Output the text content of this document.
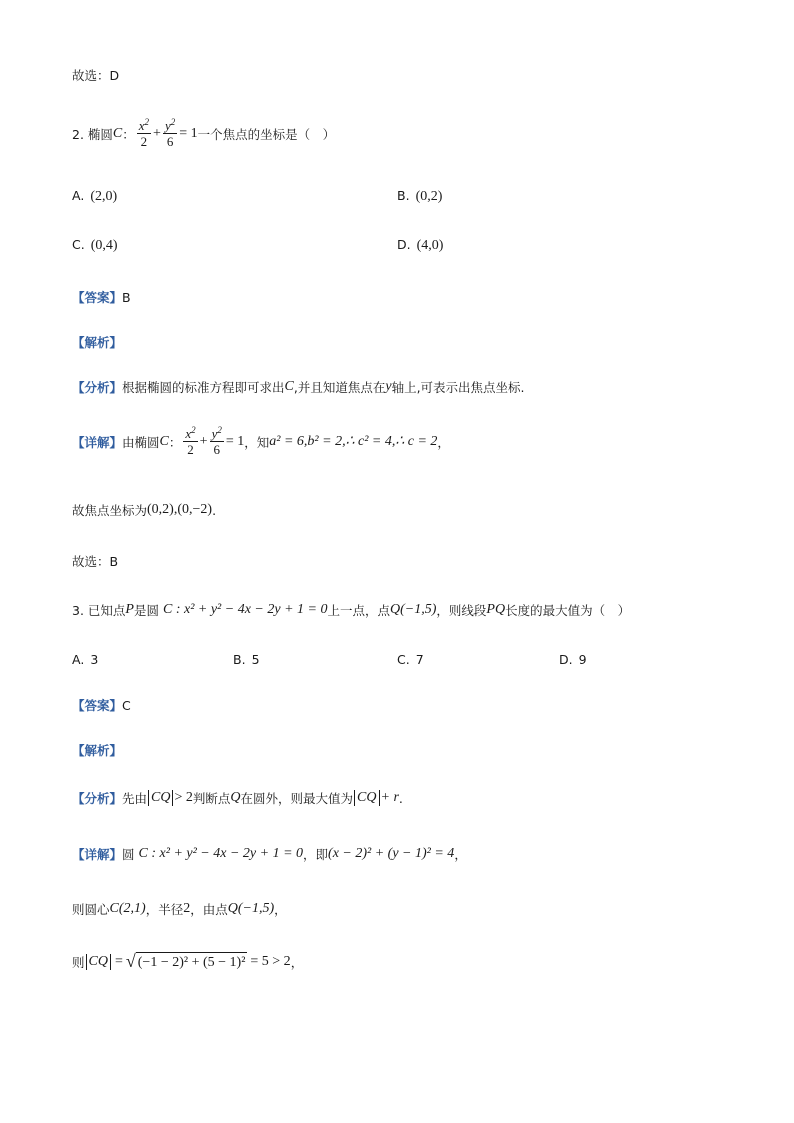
故选：D
2. 椭圆 C ： $\frac{x^2}{2} + \frac{y^2}{6} = 1$ 一个焦点的坐标是（　）
A. (2,0)	B. (0,2)
C. (0,4)	D. (4,0)
【答案】 B
【解析】
【分析】 根据椭圆的标准方程即可求出 C ,并且知道焦点在 y 轴上,可表示出焦点坐标.
【详解】 由椭圆 C ： $\frac{x^2}{2} + \frac{y^2}{6} = 1$ ，知 a² = 6,b² = 2,∴ c² = 4,∴ c = 2 ，
故焦点坐标为 (0,2),(0,−2) .
故选：B
3. 已知点 P 是圆 C : x² + y² − 4x − 2y + 1 = 0 上一点，点 Q(−1,5) ，则线段 PQ 长度的最大值为（　）
A. 3	B. 5	C. 7	D. 9
【答案】 C
【解析】
【分析】 先由 CQ > 2 判断点 Q 在圆外，则最大值为 CQ + r .
【详解】 圆 C : x² + y² − 4x − 2y + 1 = 0 ，即 (x − 2)² + (y − 1)² = 4 ，
则圆心 C(2,1) ，半径 2 ，由点 Q(−1,5) ，
则 CQ = √ (−1 − 2)² + (5 − 1)² = 5 > 2 ，
